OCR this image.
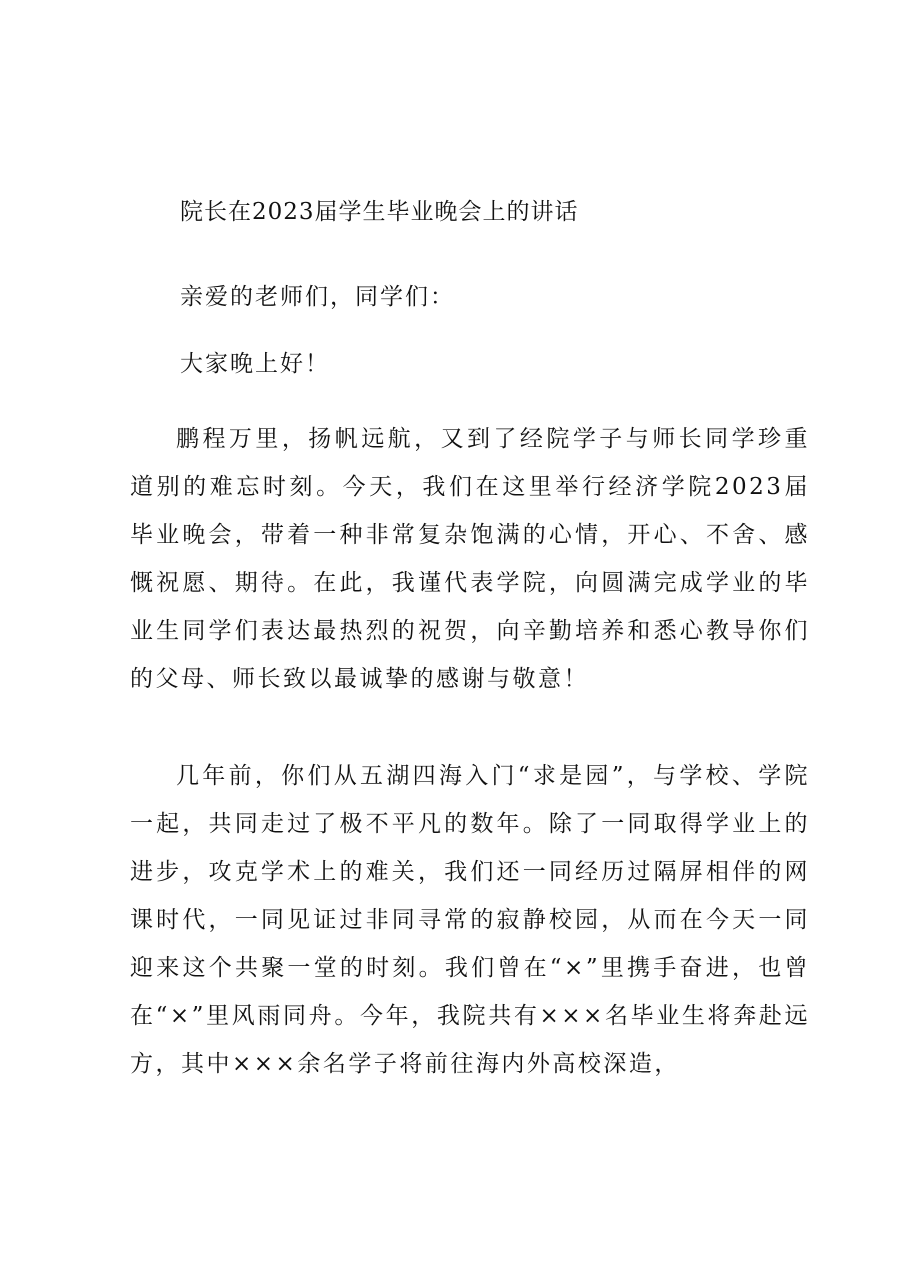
院长在2023届学生毕业晚会上的讲话
亲爱的老师们，同学们：
大家晚上好！
鹏程万里，扬帆远航，又到了经院学子与师长同学珍重道别的难忘时刻。今天，我们在这里举行经济学院2023届毕业晚会，带着一种非常复杂饱满的心情，开心、不舍、感慨祝愿、期待。在此，我谨代表学院，向圆满完成学业的毕业生同学们表达最热烈的祝贺，向辛勤培养和悉心教导你们的父母、师长致以最诚挚的感谢与敬意！
几年前，你们从五湖四海入门“求是园”，与学校、学院一起，共同走过了极不平凡的数年。除了一同取得学业上的进步，攻克学术上的难关，我们还一同经历过隔屏相伴的网课时代，一同见证过非同寻常的寂静校园，从而在今天一同迎来这个共聚一堂的时刻。我们曾在“×”里携手奋进，也曾在“×”里风雨同舟。今年，我院共有×××名毕业生将奔赴远方，其中×××余名学子将前往海内外高校深造，
